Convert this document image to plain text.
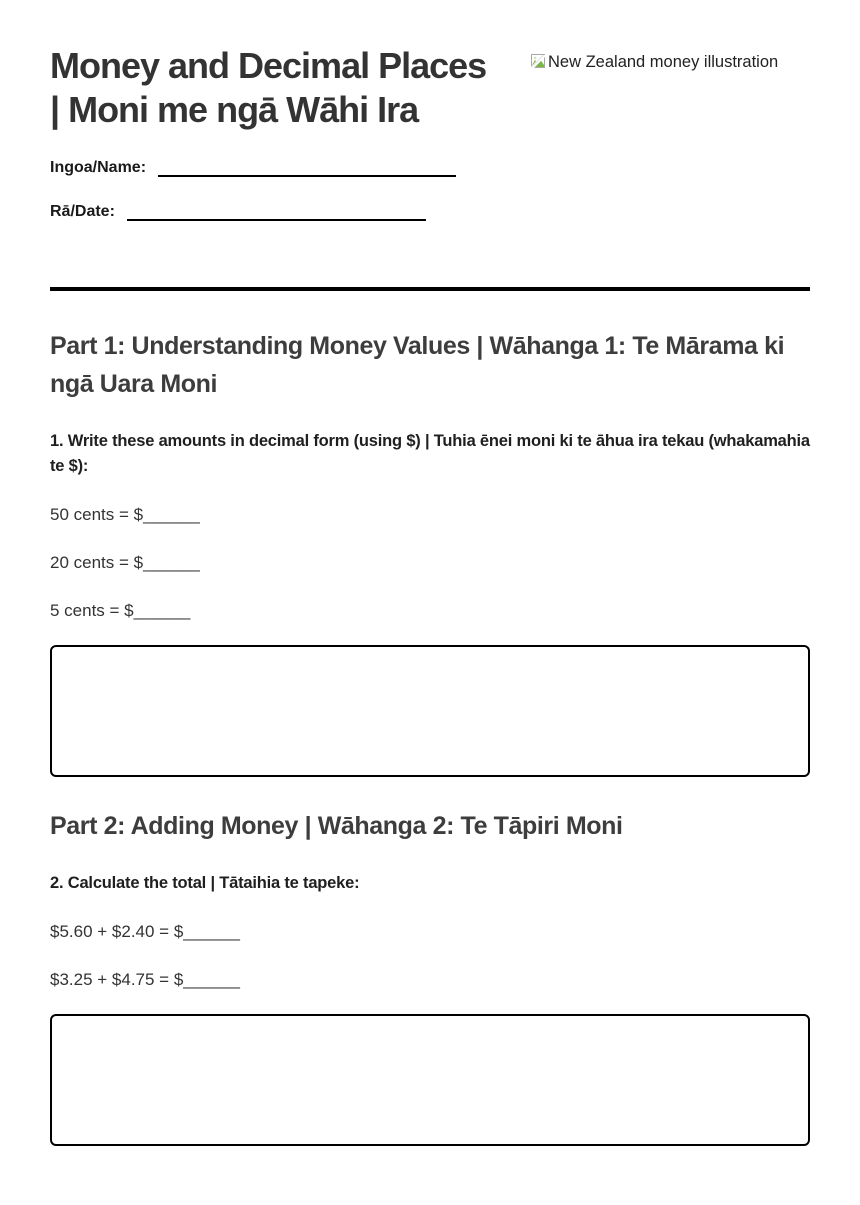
Money and Decimal Places | Moni me ngā Wāhi Ira
New Zealand money illustration
Ingoa/Name:
Rā/Date:
Part 1: Understanding Money Values | Wāhanga 1: Te Mārama ki ngā Uara Moni

1. Write these amounts in decimal form (using $) | Tuhia ēnei moni ki te āhua ira tekau (whakamahia te $):

50 cents = $______

20 cents = $______

5 cents = $______

Part 2: Adding Money | Wāhanga 2: Te Tāpiri Moni

2. Calculate the total | Tātaihia te tapeke:

$5.60 + $2.40 = $______

$3.25 + $4.75 = $______
